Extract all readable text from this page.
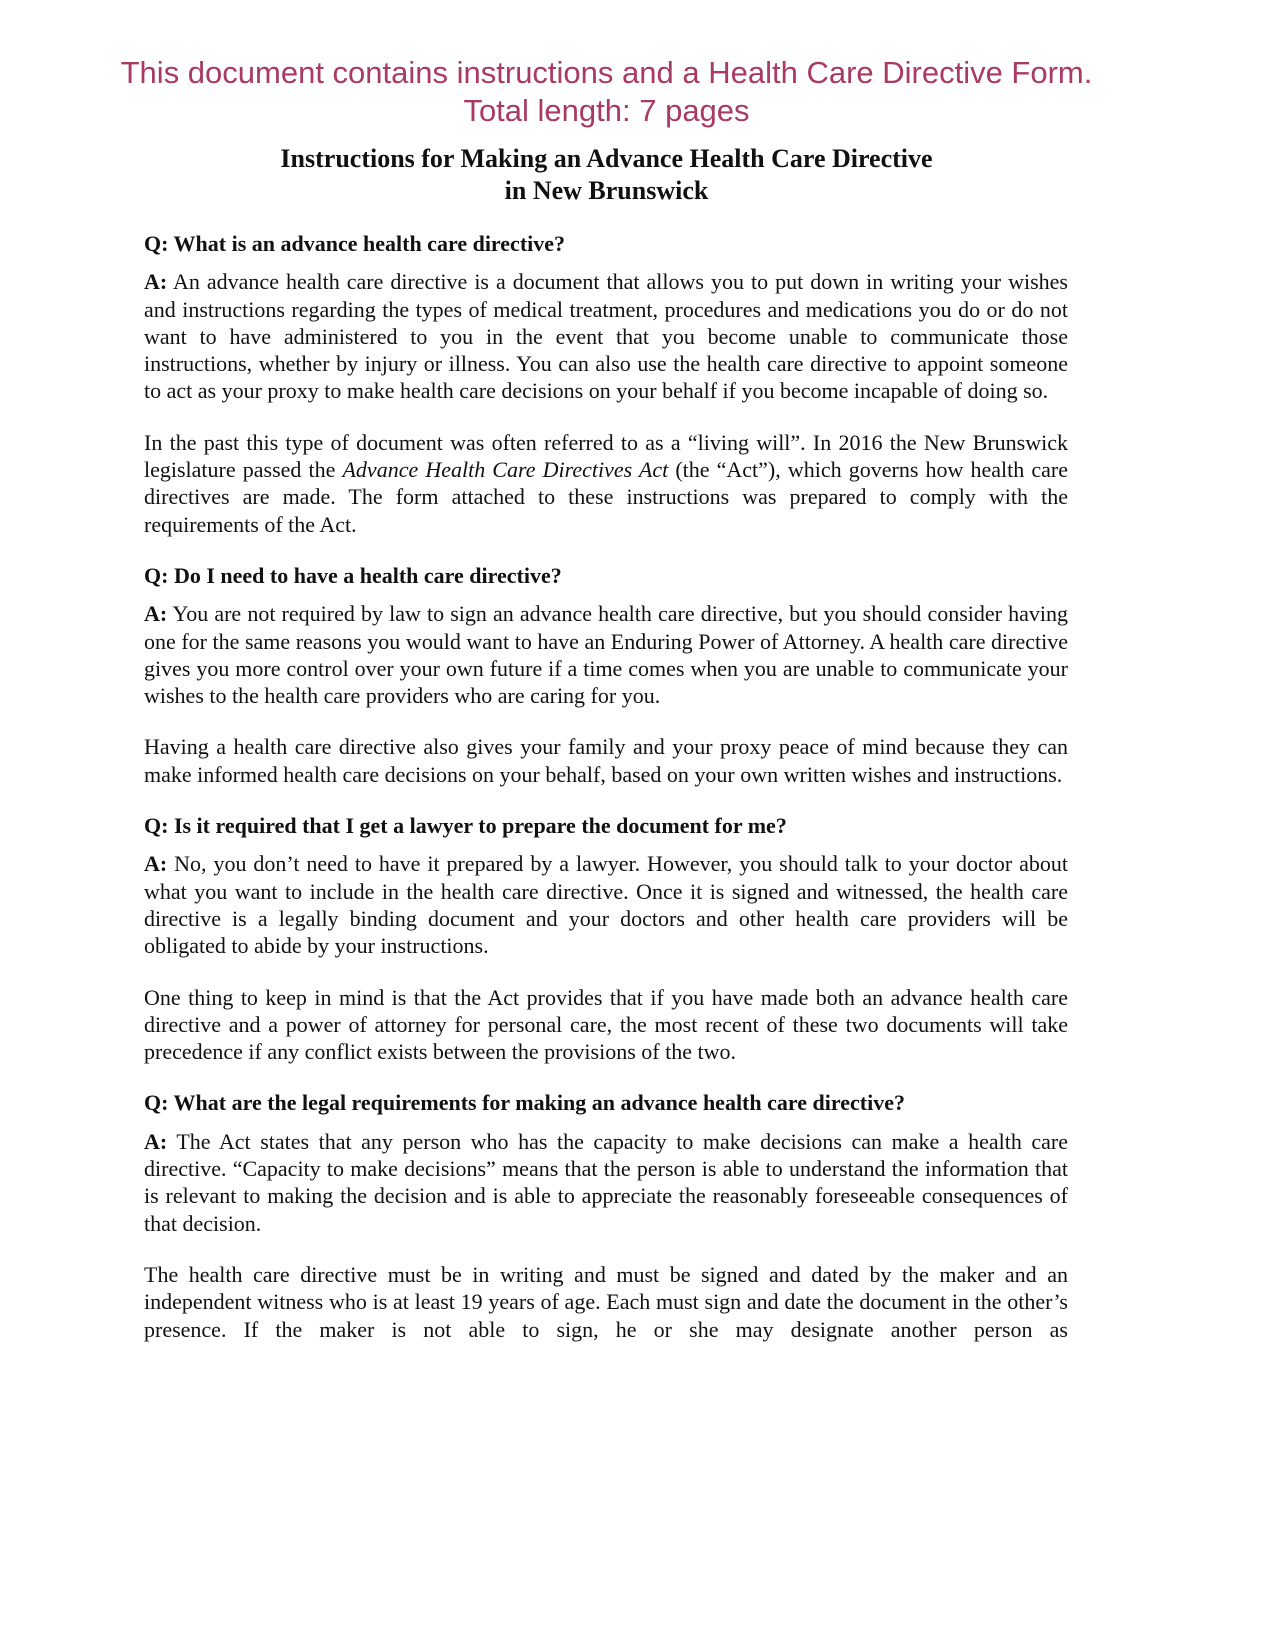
This document contains instructions and a Health Care Directive Form.
Total length: 7 pages
Instructions for Making an Advance Health Care Directive
in New Brunswick
Q: What is an advance health care directive?

A: An advance health care directive is a document that allows you to put down in writing your wishes and instructions regarding the types of medical treatment, procedures and medications you do or do not want to have administered to you in the event that you become unable to communicate those instructions, whether by injury or illness. You can also use the health care directive to appoint someone to act as your proxy to make health care decisions on your behalf if you become incapable of doing so.

In the past this type of document was often referred to as a “living will”. In 2016 the New Brunswick legislature passed the Advance Health Care Directives Act (the “Act”), which governs how health care directives are made. The form attached to these instructions was prepared to comply with the requirements of the Act.

Q: Do I need to have a health care directive?

A: You are not required by law to sign an advance health care directive, but you should consider having one for the same reasons you would want to have an Enduring Power of Attorney. A health care directive gives you more control over your own future if a time comes when you are unable to communicate your wishes to the health care providers who are caring for you.

Having a health care directive also gives your family and your proxy peace of mind because they can make informed health care decisions on your behalf, based on your own written wishes and instructions.

Q: Is it required that I get a lawyer to prepare the document for me?

A: No, you don’t need to have it prepared by a lawyer. However, you should talk to your doctor about what you want to include in the health care directive. Once it is signed and witnessed, the health care directive is a legally binding document and your doctors and other health care providers will be obligated to abide by your instructions.

One thing to keep in mind is that the Act provides that if you have made both an advance health care directive and a power of attorney for personal care, the most recent of these two documents will take precedence if any conflict exists between the provisions of the two.

Q: What are the legal requirements for making an advance health care directive?

A: The Act states that any person who has the capacity to make decisions can make a health care directive. “Capacity to make decisions” means that the person is able to understand the information that is relevant to making the decision and is able to appreciate the reasonably foreseeable consequences of that decision.

The health care directive must be in writing and must be signed and dated by the maker and an independent witness who is at least 19 years of age. Each must sign and date the document in the other’s presence. If the maker is not able to sign, he or she may designate another person as
